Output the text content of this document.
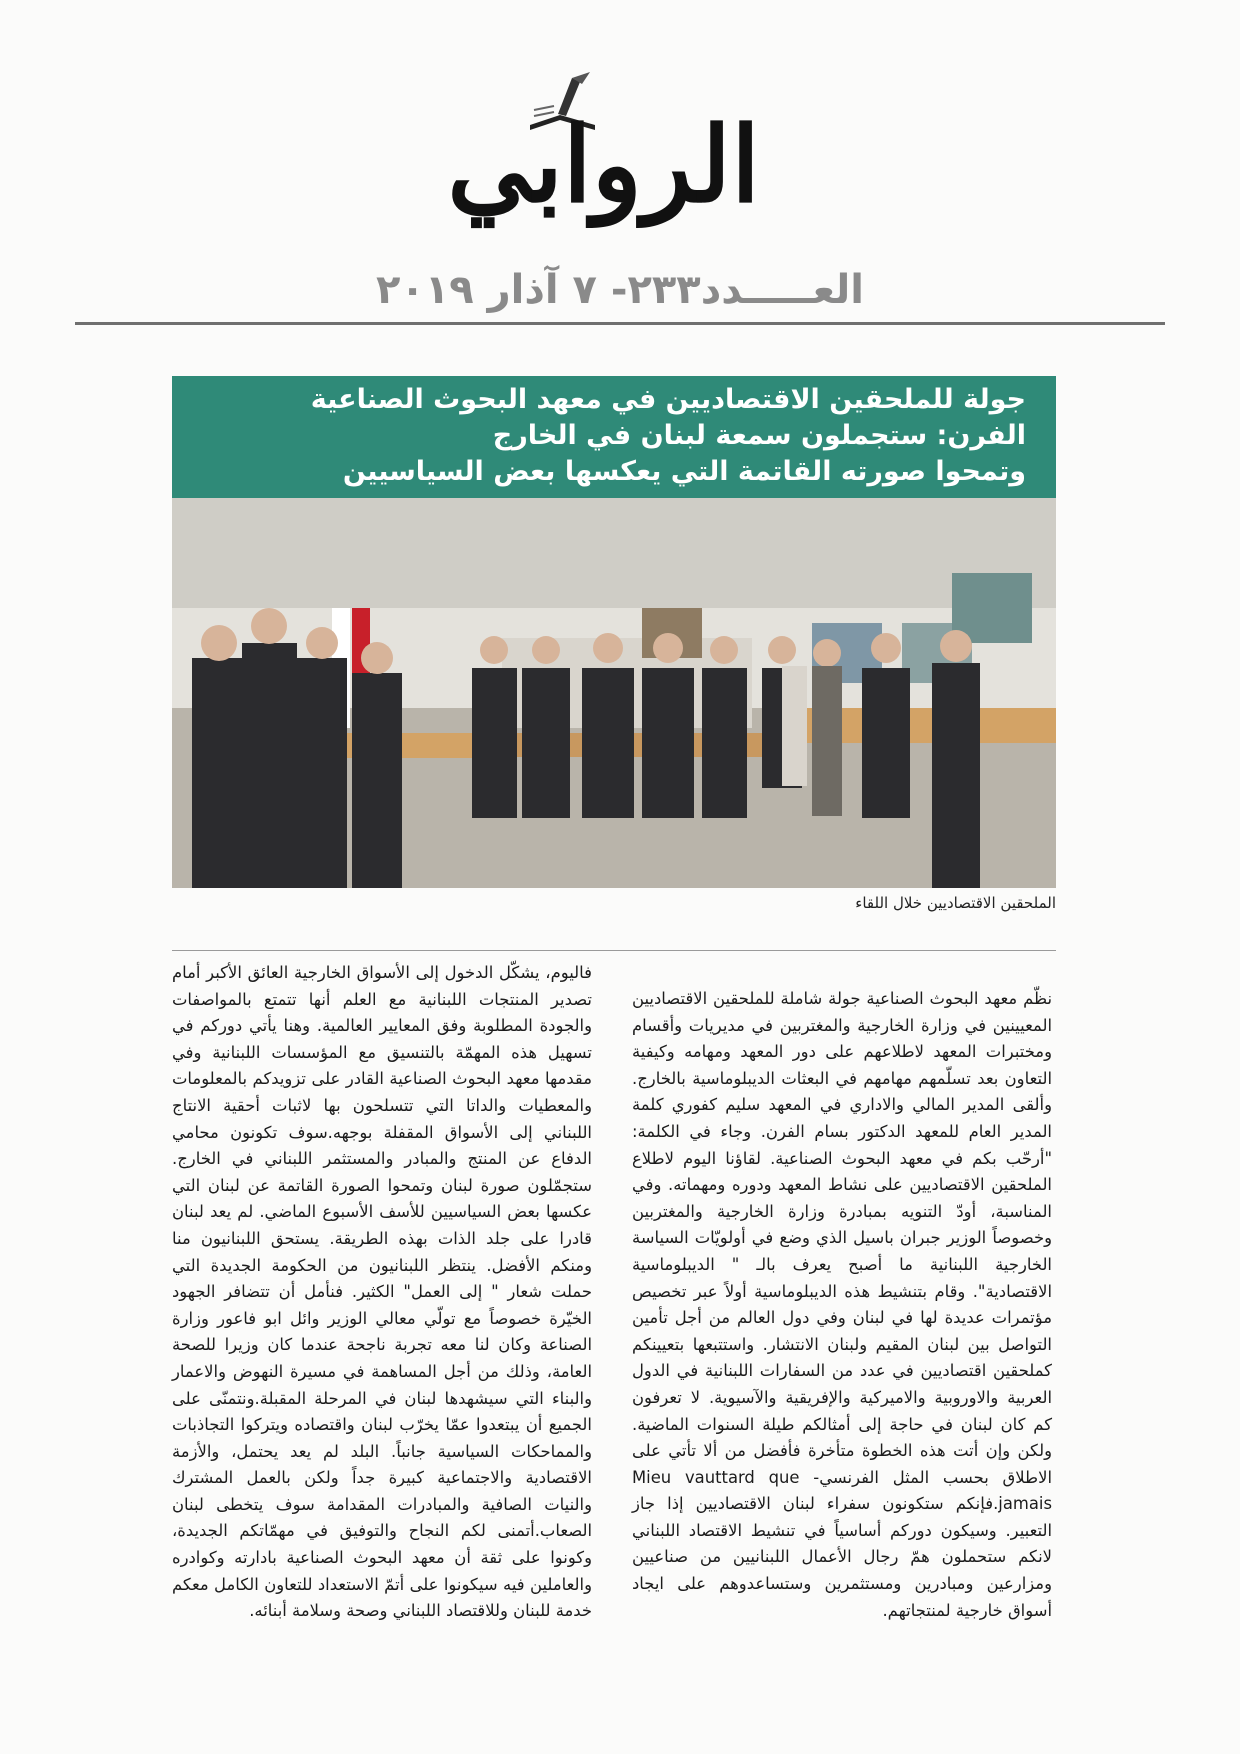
الروابي
العـــــدد٢٣٣- ٧ آذار ٢٠١٩
جولة للملحقين الاقتصاديين في معهد البحوث الصناعية
الفرن: ستجملون سمعة لبنان في الخارج
وتمحوا صورته القاتمة التي يعكسها بعض السياسيين
الملحقين الاقتصاديين خلال اللقاء

نظّم معهد البحوث الصناعية جولة شاملة للملحقين الاقتصاديين المعيينين في وزارة الخارجية والمغتربين في مديريات وأقسام ومختبرات المعهد لاطلاعهم على دور المعهد ومهامه وكيفية التعاون بعد تسلّمهم مهامهم في البعثات الديبلوماسية بالخارج. وألقى المدير المالي والاداري في المعهد سليم كفوري كلمة المدير العام للمعهد الدكتور بسام الفرن. وجاء في الكلمة: "أرحّب بكم في معهد البحوث الصناعية. لقاؤنا اليوم لاطلاع الملحقين الاقتصاديين على نشاط المعهد ودوره ومهماته. وفي المناسبة، أودّ التنويه بمبادرة وزارة الخارجية والمغتربين وخصوصاً الوزير جبران باسيل الذي وضع في أولويّات السياسة الخارجية اللبنانية ما أصبح يعرف بالـ " الديبلوماسية الاقتصادية". وقام بتنشيط هذه الديبلوماسية أولاً عبر تخصيص مؤتمرات عديدة لها في لبنان وفي دول العالم من أجل تأمين التواصل بين لبنان المقيم ولبنان الانتشار. واستتبعها بتعيينكم كملحقين اقتصاديين في عدد من السفارات اللبنانية في الدول العربية والاوروبية والاميركية والإفريقية والآسيوية. لا تعرفون كم كان لبنان في حاجة إلى أمثالكم طيلة السنوات الماضية. ولكن وإن أتت هذه الخطوة متأخرة فأفضل من ألا تأتي على الاطلاق بحسب المثل الفرنسي- Mieu vauttard que jamais.فإنكم ستكونون سفراء لبنان الاقتصاديين إذا جاز التعبير. وسيكون دوركم أساسياً في تنشيط الاقتصاد اللبناني لانكم ستحملون همّ رجال الأعمال اللبنانيين من صناعيين ومزارعين ومبادرين ومستثمرين وستساعدوهم على ايجاد أسواق خارجية لمنتجاتهم.

فاليوم، يشكّل الدخول إلى الأسواق الخارجية العائق الأكبر أمام تصدير المنتجات اللبنانية مع العلم أنها تتمتع بالمواصفات والجودة المطلوبة وفق المعايير العالمية. وهنا يأتي دوركم في تسهيل هذه المهمّة بالتنسيق مع المؤسسات اللبنانية وفي مقدمها معهد البحوث الصناعية القادر على تزويدكم بالمعلومات والمعطيات والداتا التي تتسلحون بها لاثبات أحقية الانتاج اللبناني إلى الأسواق المقفلة بوجهه.سوف تكونون محامي الدفاع عن المنتج والمبادر والمستثمر اللبناني في الخارج. ستجمّلون صورة لبنان وتمحوا الصورة القاتمة عن لبنان التي عكسها بعض السياسيين للأسف الأسبوع الماضي. لم يعد لبنان قادرا على جلد الذات بهذه الطريقة. يستحق اللبنانيون منا ومنكم الأفضل. ينتظر اللبنانيون من الحكومة الجديدة التي حملت شعار " إلى العمل" الكثير. فنأمل أن تتضافر الجهود الخيّرة خصوصاً مع تولّي معالي الوزير وائل ابو فاعور وزارة الصناعة وكان لنا معه تجربة ناجحة عندما كان وزيرا للصحة العامة، وذلك من أجل المساهمة في مسيرة النهوض والاعمار والبناء التي سيشهدها لبنان في المرحلة المقبلة.ونتمنّى على الجميع أن يبتعدوا عمّا يخرّب لبنان واقتصاده ويتركوا التجاذبات والمماحكات السياسية جانباً. البلد لم يعد يحتمل، والأزمة الاقتصادية والاجتماعية كبيرة جداً ولكن بالعمل المشترك والنيات الصافية والمبادرات المقدامة سوف يتخطى لبنان الصعاب.أتمنى لكم النجاح والتوفيق في مهمّاتكم الجديدة، وكونوا على ثقة أن معهد البحوث الصناعية بادارته وكوادره والعاملين فيه سيكونوا على أتمّ الاستعداد للتعاون الكامل معكم خدمة للبنان وللاقتصاد اللبناني وصحة وسلامة أبنائه.
